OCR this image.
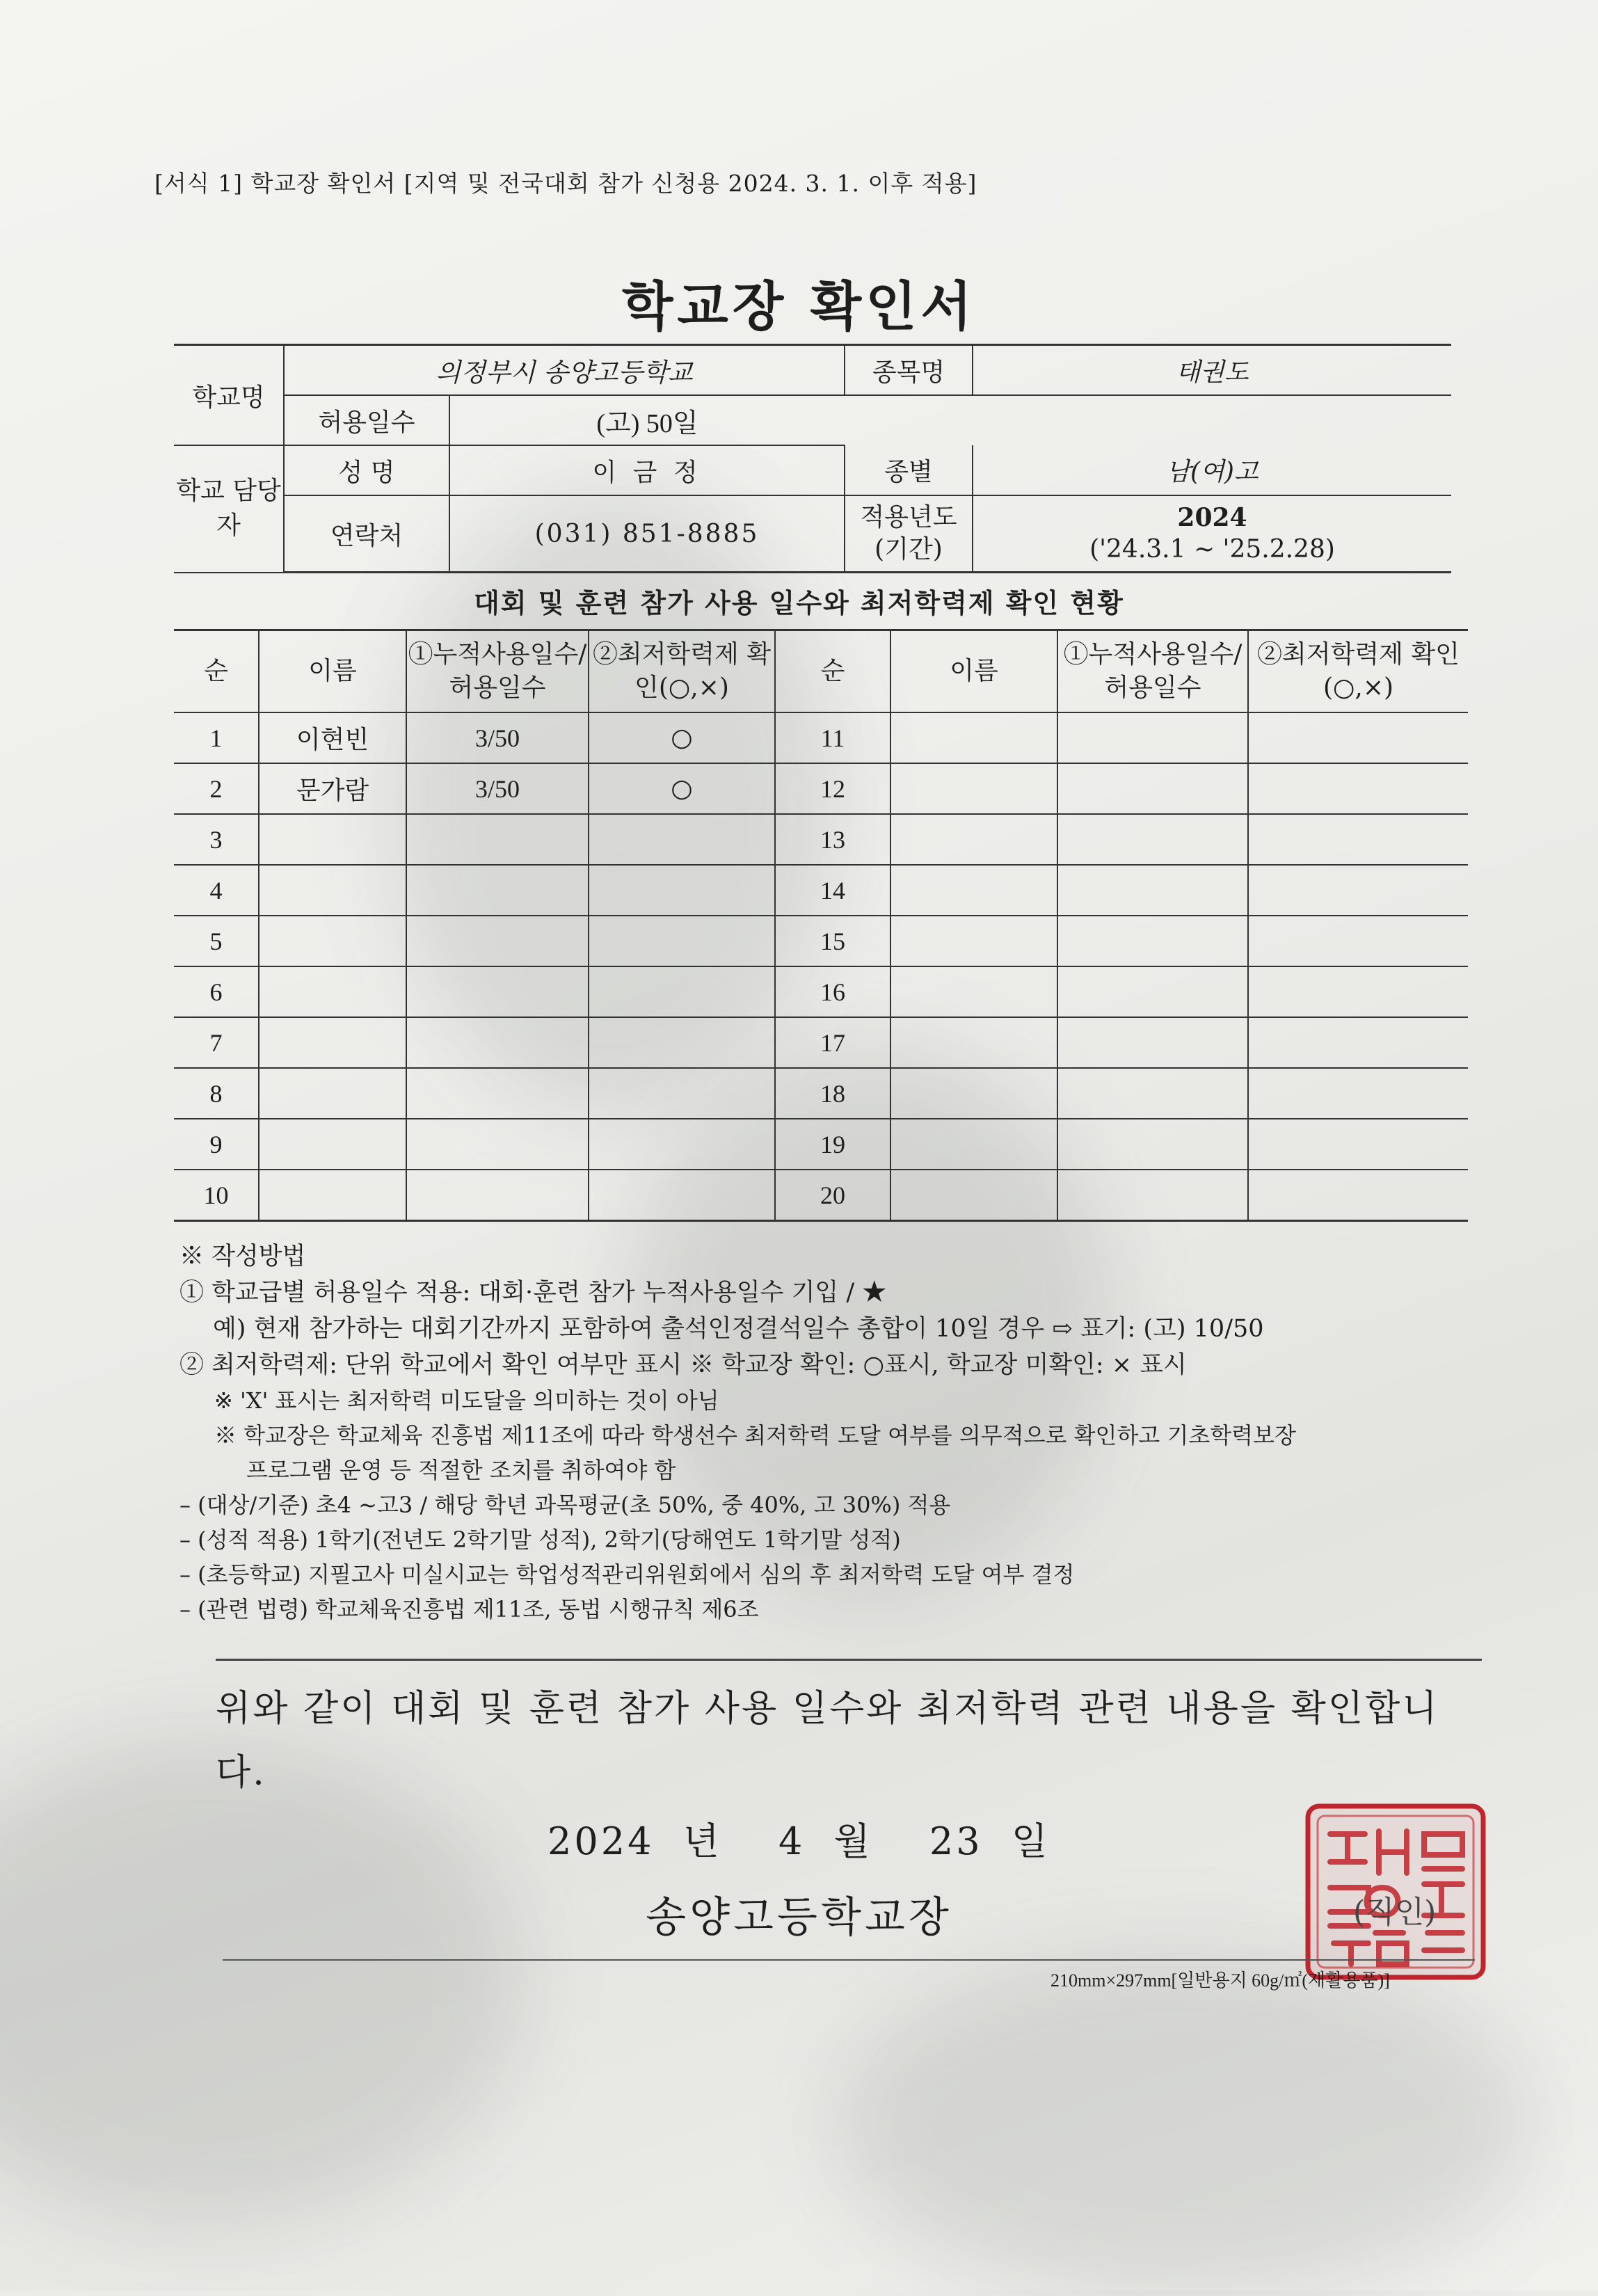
[서식 1] 학교장 확인서 [지역 및 전국대회 참가 신청용 2024. 3. 1. 이후 적용]
학교장 확인서
학교명	의정부시 송양고등학교		종목명	태권도
	허용일수	(고) 50일		
학교 담당자	성 명	이 금 정	종별	남(여)고
	연락처	(031) 851-8885	적용년도 (기간)	2024
('24.3.1 ~ '25.2.28)
대회 및 훈련 참가 사용 일수와 최저학력제 확인 현황
순	이름	①누적사용일수/ 허용일수	②최저학력제 확인(○,×)	순	이름	①누적사용일수/ 허용일수	②최저학력제 확인(○,×)
1	이현빈	3/50	○	11			
2	문가람	3/50	○	12			
3				13			
4				14			
5				15			
6				16			
7				17			
8				18			
9				19			
10				20			
※ 작성방법
① 학교급별 허용일수 적용: 대회·훈련 참가 누적사용일수 기입 / ★
예) 현재 참가하는 대회기간까지 포함하여 출석인정결석일수 총합이 10일 경우 ⇨ 표기: (고) 10/50
② 최저학력제: 단위 학교에서 확인 여부만 표시 ※ 학교장 확인: ○표시, 학교장 미확인: × 표시
※ 'X' 표시는 최저학력 미도달을 의미하는 것이 아님
※ 학교장은 학교체육 진흥법 제11조에 따라 학생선수 최저학력 도달 여부를 의무적으로 확인하고 기초학력보장
프로그램 운영 등 적절한 조치를 취하여야 함
– (대상/기준) 초4 ~고3 / 해당 학년 과목평균(초 50%, 중 40%, 고 30%) 적용
– (성적 적용) 1학기(전년도 2학기말 성적), 2학기(당해연도 1학기말 성적)
– (초등학교) 지필고사 미실시교는 학업성적관리위원회에서 심의 후 최저학력 도달 여부 결정
– (관련 법령) 학교체육진흥법 제11조, 동법 시행규칙 제6조
위와 같이 대회 및 훈련 참가 사용 일수와 최저학력 관련 내용을 확인합니다.
2024 년 4 월 23 일
송양고등학교장	(직인)
210mm×297mm[일반용지 60g/㎡(재활용품)]
